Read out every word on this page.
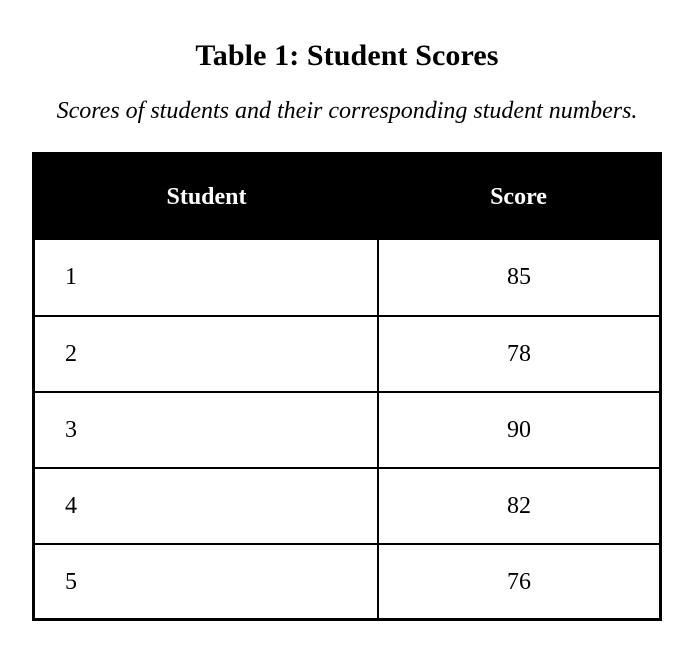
Table 1: Student Scores
Scores of students and their corresponding student numbers.
Student	Score
1	85
2	78
3	90
4	82
5	76
